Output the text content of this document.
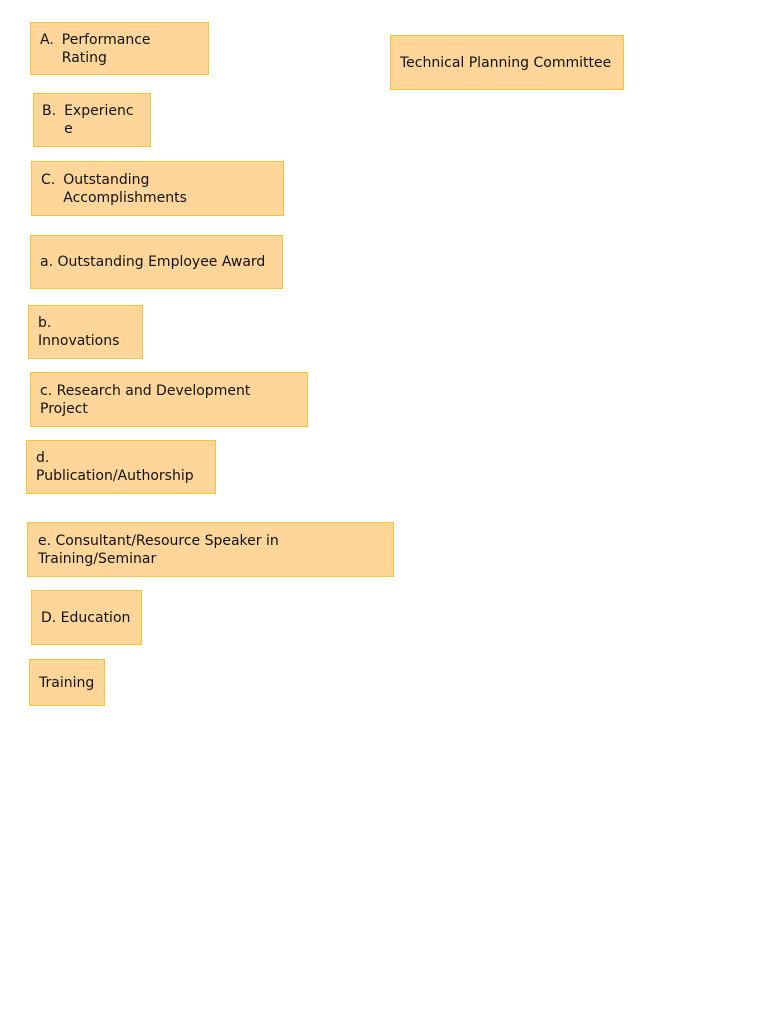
Technical Planning Committee
A. Performance Rating
B. Experienc e
C. Outstanding Accomplishments
a. Outstanding Employee Award
b. Innovations
c. Research and Development Project
d. Publication/Authorship
e. Consultant/Resource Speaker in Training/Seminar
D. Education
Training
